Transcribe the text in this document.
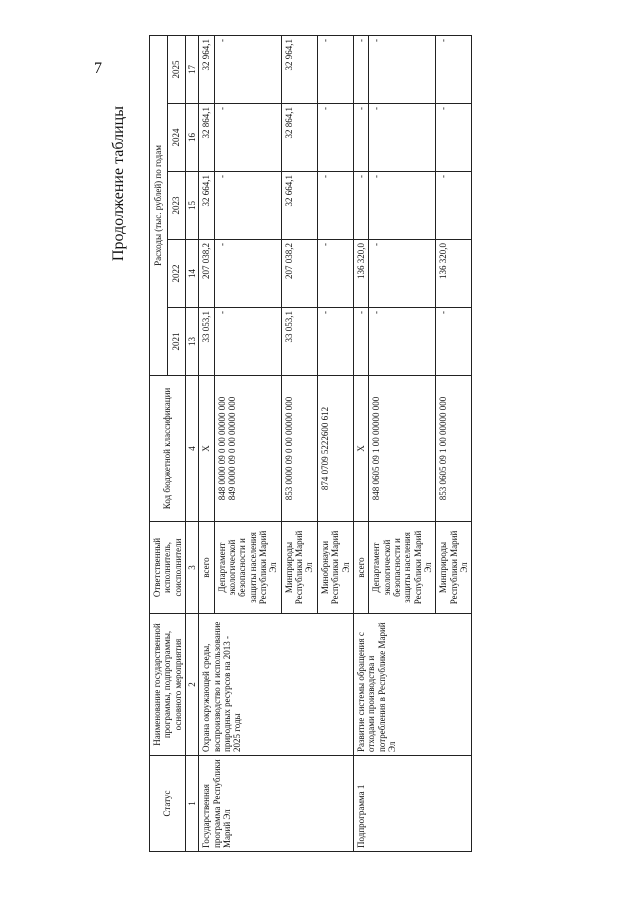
7
Продолжение таблицы
Статус	Наименование государственной программы, подпрограммы, основного мероприятия	Ответственный исполнитель, соисполнители	Код бюджетной классификации	Расходы (тыс. рублей) по годам				
				2021	2022	2023	2024	2025
1	2	3	4	13	14	15	16	17
Государственная программа Республики Марий Эл	Охрана окружающей среды, воспроизводство и использование природных ресурсов на 2013 - 2025 годы	всего	X	33 053,1	207 038,2	32 664,1	32 864,1	32 964,1
		Департамент экологической безопасности и защиты населения Республики Марий Эл	848 0000 09 0 00 00000 000 849 0000 09 0 00 00000 000	-	-	-	-	-
		Минприроды Республики Марий Эл	853 0000 09 0 00 00000 000	33 053,1	207 038,2	32 664,1	32 864,1	32 964,1
		Минобрнауки Республики Марий Эл	874 0709 5222600 612	-	-	-	-	-
Подпрограмма 1	Развитие системы обращения с отходами производства и потребления в Республике Марий Эл	всего	X	-	136 320,0	-	-	-
		Департамент экологической безопасности и защиты населения Республики Марий Эл	848 0605 09 1 00 00000 000	-	-	-	-	-
		Минприроды Республики Марий Эл	853 0605 09 1 00 00000 000	-	136 320,0	-	-	-
